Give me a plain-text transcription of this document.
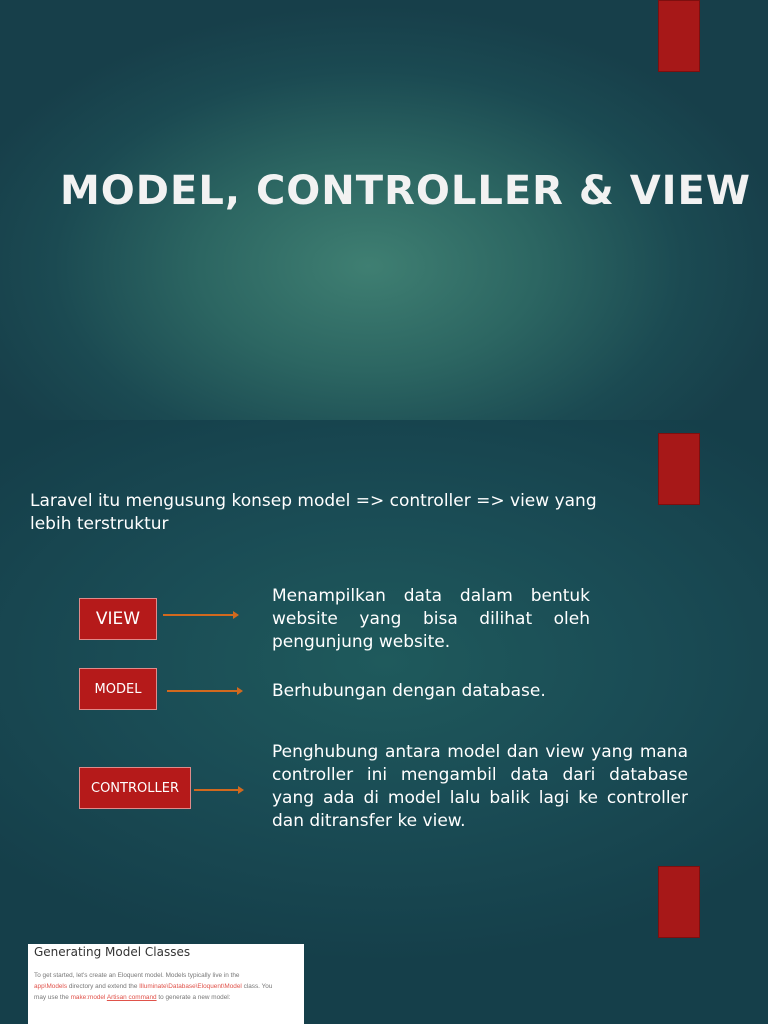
MODEL, CONTROLLER & VIEW
Laravel itu mengusung konsep model => controller => view yang lebih terstruktur
VIEW
Menampilkan data dalam bentuk website yang bisa dilihat oleh pengunjung website.
MODEL	Berhubungan dengan database.
CONTROLLER
Penghubung antara model dan view yang mana controller ini mengambil data dari database yang ada di model lalu balik lagi ke controller dan ditransfer ke view.
Generating Model Classes
To get started, let's create an Eloquent model. Models typically live in the
app\Models directory and extend the Illuminate\Database\Eloquent\Model class. You
may use the make:model Artisan command to generate a new model:
